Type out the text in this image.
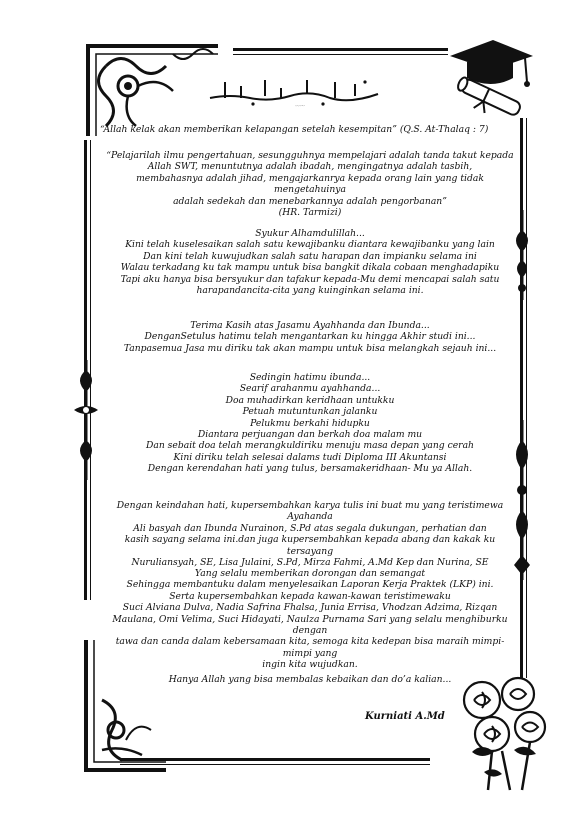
بسم الله الرحمن الرحيم

“Allah kelak akan memberikan kelapangan setelah kesempitan” (Q.S. At-Thalaq : 7)

“Pelajarilah ilmu pengertahuan, sesungguhnya mempelajari adalah tanda takut kepada

Allah SWT, menuntutnya adalah ibadah, mengingatnya adalah tasbih,

membahasnya adalah jihad, mengajarkanrya kepada orang lain yang tidak mengetahuinya

adalah sedekah dan menebarkannya adalah pengorbanan”

(HR. Tarmizi)

Syukur Alhamdulillah...

Kini telah kuselesaikan salah satu kewajibanku diantara kewajibanku yang lain

Dan kini telah kuwujudkan salah satu harapan dan impianku selama ini

Walau terkadang ku tak mampu untuk bisa bangkit dikala cobaan menghadapiku

Tapi aku hanya bisa bersyukur dan tafakur kepada-Mu demi mencapai salah satu

harapandancita-cita yang kuinginkan selama ini.

Terima Kasih atas Jasamu Ayahhanda dan Ibunda...

DenganSetulus hatimu telah mengantarkan ku hingga Akhir studi ini...

Tanpasemua Jasa mu diriku tak akan mampu untuk bisa melangkah sejauh ini...

Sedingin hatimu ibunda...

Searif arahanmu ayahhanda...

Doa muhadirkan keridhaan untukku

Petuah mutuntunkan jalanku

Pelukmu berkahi hidupku

Diantara perjuangan dan berkah doa malam mu

Dan sebait doa telah merangkuldiriku menuju masa depan yang cerah

Kini diriku telah selesai dalams tudi Diploma III Akuntansi

Dengan kerendahan hati yang tulus, bersamakeridhaan- Mu ya Allah.

Dengan keindahan hati, kupersembahkan karya tulis ini buat mu yang teristimewa Ayahanda

Ali basyah dan Ibunda Nurainon, S.Pd atas segala dukungan, perhatian dan

kasih sayang selama ini.dan juga kupersembahkan kepada abang dan kakak ku tersayang

Nuruliansyah, SE, Lisa Julaini, S.Pd, Mirza Fahmi, A.Md Kep dan Nurina, SE

Yang selalu memberikan dorongan dan semangat

Sehingga membantuku dalam menyelesaikan Laporan Kerja Praktek (LKP) ini.

Serta kupersembahkan kepada kawan-kawan teristimewaku

Suci Alviana Dulva, Nadia Safrina Fhalsa, Junia Errisa, Vhodzan Adzima, Rizqan

Maulana, Omi Velima, Suci Hidayati, Naulza Purnama Sari yang selalu menghiburku dengan

tawa dan canda dalam kebersamaan kita, semoga kita kedepan bisa maraih mimpi-mimpi yang

ingin kita wujudkan.

Hanya Allah yang bisa membalas kebaikan dan do’a kalian...

Kurniati A.Md
